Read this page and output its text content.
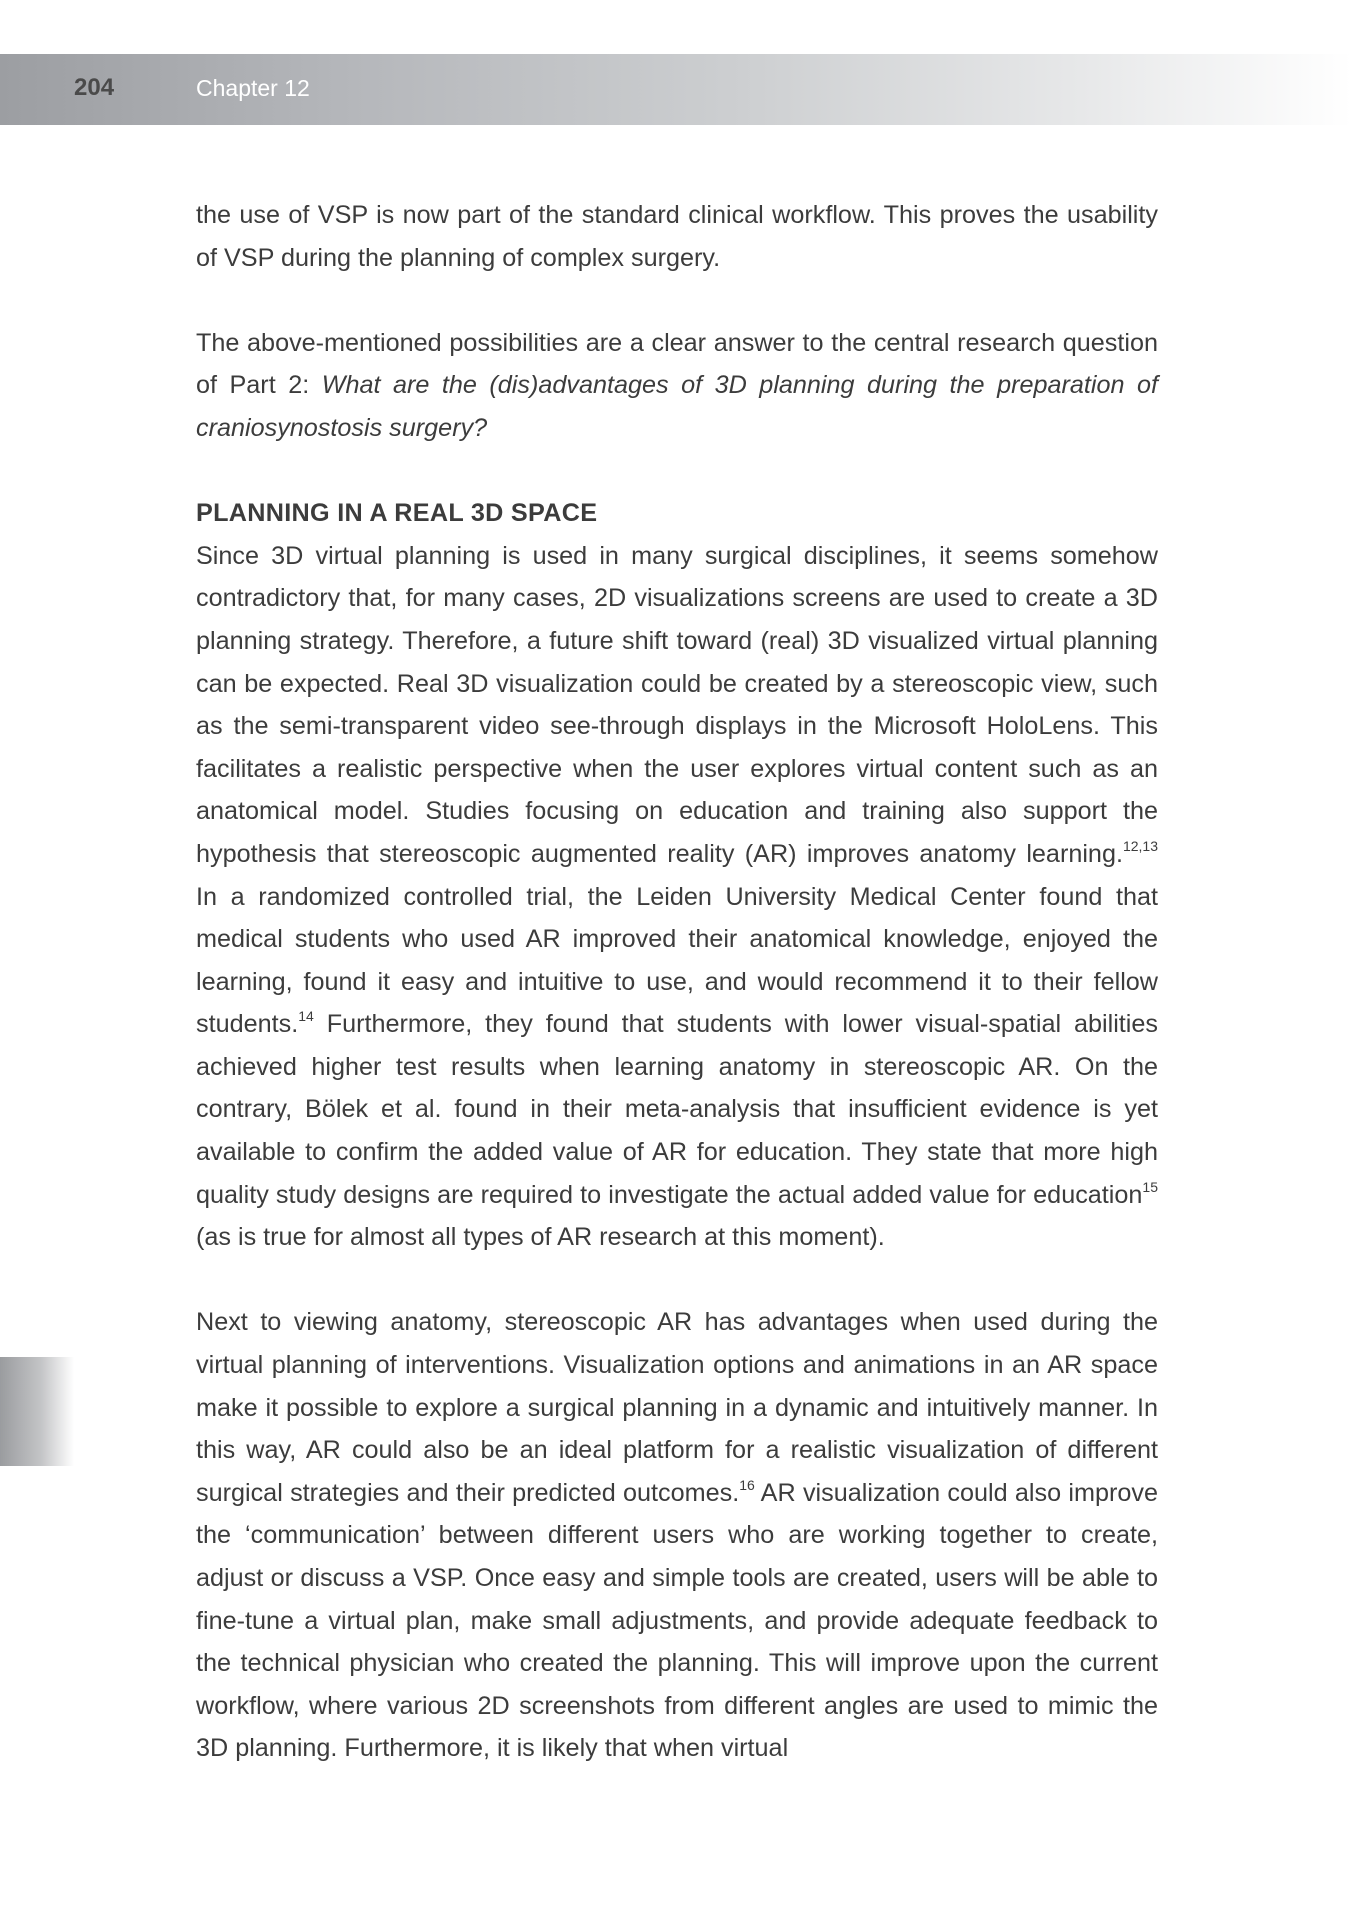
204	Chapter 12

the use of VSP is now part of the standard clinical workflow. This proves the usability of VSP during the planning of complex surgery.

The above-mentioned possibilities are a clear answer to the central research question of Part 2: What are the (dis)advantages of 3D planning during the preparation of craniosynostosis surgery?

PLANNING IN A REAL 3D SPACE

Since 3D virtual planning is used in many surgical disciplines, it seems somehow contradictory that, for many cases, 2D visualizations screens are used to create a 3D planning strategy. Therefore, a future shift toward (real) 3D visualized virtual planning can be expected. Real 3D visualization could be created by a stereoscopic view, such as the semi-transparent video see-through displays in the Microsoft HoloLens. This facilitates a realistic perspective when the user explores virtual content such as an anatomical model. Studies focusing on education and training also support the hypothesis that stereoscopic augmented reality (AR) improves anatomy learning.$^{12,13}$ In a randomized controlled trial, the Leiden University Medical Center found that medical students who used AR improved their anatomical knowledge, enjoyed the learning, found it easy and intuitive to use, and would recommend it to their fellow students.$^{14}$ Furthermore, they found that students with lower visual-spatial abilities achieved higher test results when learning anatomy in stereoscopic AR. On the contrary, Bölek et al. found in their meta-analysis that insufficient evidence is yet available to confirm the added value of AR for education. They state that more high quality study designs are required to investigate the actual added value for education$^{15}$ (as is true for almost all types of AR research at this moment).

Next to viewing anatomy, stereoscopic AR has advantages when used during the virtual planning of interventions. Visualization options and animations in an AR space make it possible to explore a surgical planning in a dynamic and intuitively manner. In this way, AR could also be an ideal platform for a realistic visualization of different surgical strategies and their predicted outcomes.$^{16}$ AR visualization could also improve the ‘communication’ between different users who are working together to create, adjust or discuss a VSP. Once easy and simple tools are created, users will be able to fine-tune a virtual plan, make small adjustments, and provide adequate feedback to the technical physician who created the planning. This will improve upon the current workflow, where various 2D screenshots from different angles are used to mimic the 3D planning. Furthermore, it is likely that when virtual
